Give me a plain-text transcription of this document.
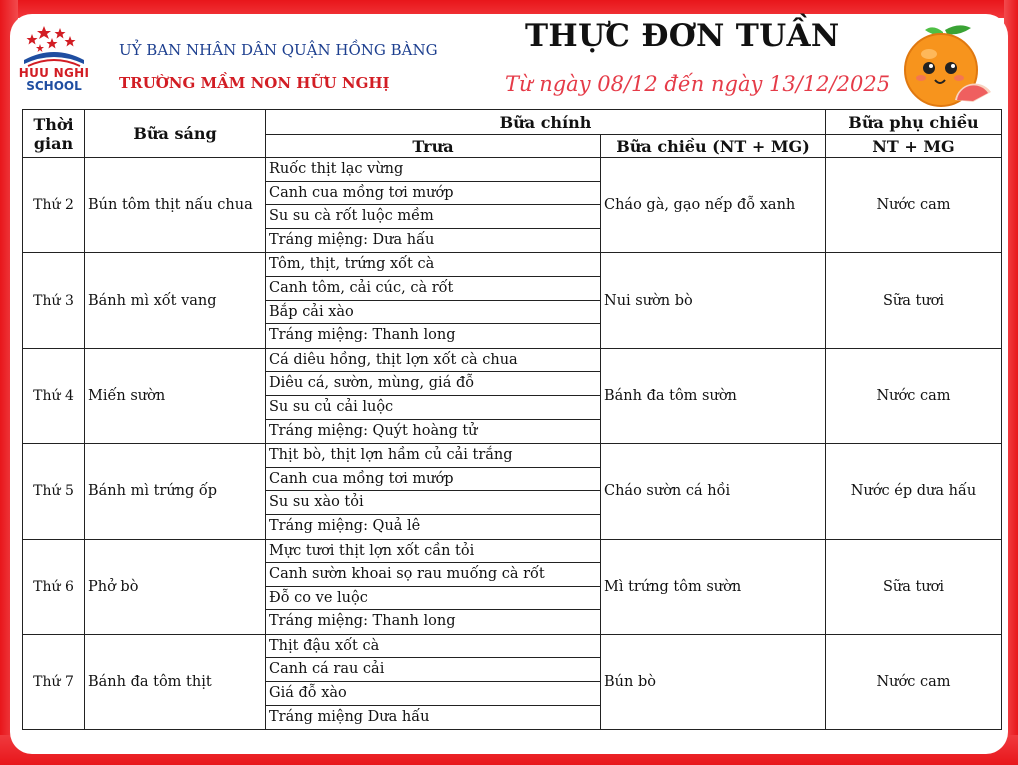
HUU NGHI
SCHOOL
UỶ BAN NHÂN DÂN QUẬN HỒNG BÀNG
TRƯỜNG MẦM NON HỮU NGHỊ
THỰC ĐƠN TUẦN
Từ ngày 08/12 đến ngày 13/12/2025
Thời
gian	Bữa sáng	Bữa chính		Bữa phụ chiều
		Trưa	Bữa chiều (NT + MG)	NT + MG
Thứ 2	Bún tôm thịt nấu chua	Ruốc thịt lạc vừng
Canh cua mồng tơi mướp
Su su cà rốt luộc mềm
Tráng miệng: Dưa hấu	Cháo gà, gạo nếp đỗ xanh	Nước cam
Thứ 3	Bánh mì xốt vang	Tôm, thịt, trứng xốt cà
Canh tôm, cải cúc, cà rốt
Bắp cải xào
Tráng miệng: Thanh long	Nui sườn bò	Sữa tươi
Thứ 4	Miến sườn	Cá diêu hồng, thịt lợn xốt cà chua
Diêu cá, sườn, mùng, giá đỗ
Su su củ cải luộc
Tráng miệng: Quýt hoàng tử	Bánh đa tôm sườn	Nước cam
Thứ 5	Bánh mì trứng ốp	Thịt bò, thịt lợn hầm củ cải trắng
Canh cua mồng tơi mướp
Su su xào tỏi
Tráng miệng: Quả lê	Cháo sườn cá hồi	Nước ép dưa hấu
Thứ 6	Phở bò	Mực tươi thịt lợn xốt cần tỏi
Canh sườn khoai sọ rau muống cà rốt
Đỗ co ve luộc
Tráng miệng: Thanh long	Mì trứng tôm sườn	Sữa tươi
Thứ 7	Bánh đa tôm thịt	Thịt đậu xốt cà
Canh cá rau cải
Giá đỗ xào
Tráng miệng Dưa hấu	Bún bò	Nước cam
